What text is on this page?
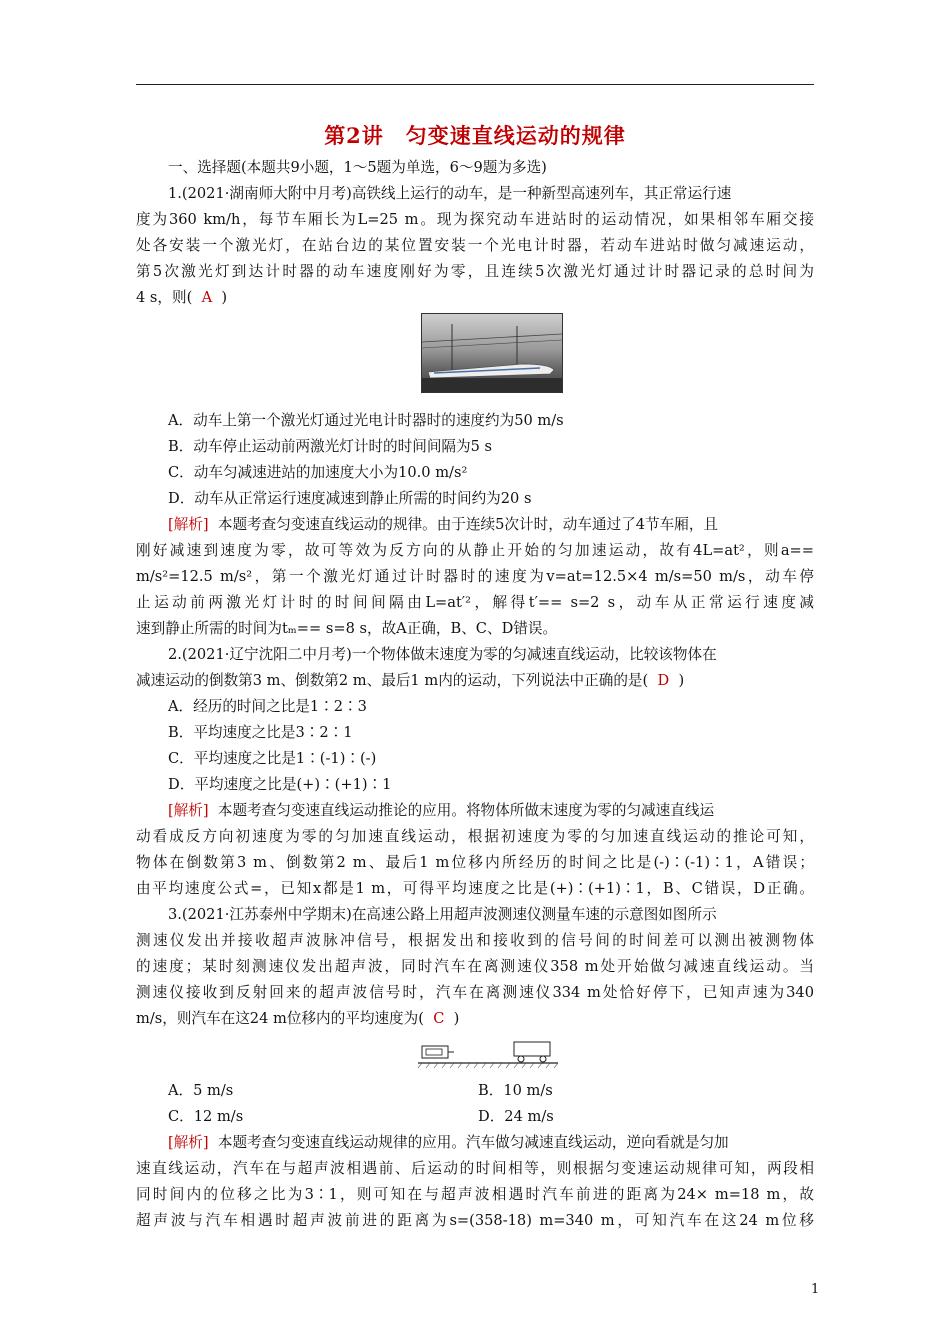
第2讲　匀变速直线运动的规律
一、选择题(本题共9小题，1～5题为单选，6～9题为多选)
1.(2021·湖南师大附中月考)高铁线上运行的动车，是一种新型高速列车，其正常运行速
度为360 km/h，每节车厢长为L=25 m。现为探究动车进站时的运动情况，如果相邻车厢交接
处各安装一个激光灯，在站台边的某位置安装一个光电计时器，若动车进站时做匀减速运动，
第5次激光灯到达计时器的动车速度刚好为零，且连续5次激光灯通过计时器记录的总时间为
4 s，则( A )
A．动车上第一个激光灯通过光电计时器时的速度约为50 m/s
B．动车停止运动前两激光灯计时的时间间隔为5 s
C．动车匀减速进站的加速度大小为10.0 m/s²
D．动车从正常运行速度减速到静止所需的时间约为20 s
[解析] 本题考查匀变速直线运动的规律。由于连续5次计时，动车通过了4节车厢，且
刚好减速到速度为零，故可等效为反方向的从静止开始的匀加速运动，故有4L=at²，则a==
m/s²=12.5 m/s²，第一个激光灯通过计时器时的速度为v=at=12.5×4 m/s=50 m/s，动车停
止运动前两激光灯计时的时间间隔由L=at′²，解得t′== s=2 s，动车从正常运行速度减
速到静止所需的时间为tₘ== s=8 s，故A正确，B、C、D错误。
2.(2021·辽宁沈阳二中月考)一个物体做末速度为零的匀减速直线运动，比较该物体在
减速运动的倒数第3 m、倒数第2 m、最后1 m内的运动，下列说法中正确的是( D )
A．经历的时间之比是1∶2∶3
B．平均速度之比是3∶2∶1
C．平均速度之比是1∶(-1)∶(-)
D．平均速度之比是(+)∶(+1)∶1
[解析] 本题考查匀变速直线运动推论的应用。将物体所做末速度为零的匀减速直线运
动看成反方向初速度为零的匀加速直线运动，根据初速度为零的匀加速直线运动的推论可知，
物体在倒数第3 m、倒数第2 m、最后1 m位移内所经历的时间之比是(-)∶(-1)∶1，A错误；
由平均速度公式=，已知x都是1 m，可得平均速度之比是(+)∶(+1)∶1，B、C错误，D正确。
3.(2021·江苏泰州中学期末)在高速公路上用超声波测速仪测量车速的示意图如图所示
测速仪发出并接收超声波脉冲信号，根据发出和接收到的信号间的时间差可以测出被测物体
的速度；某时刻测速仪发出超声波，同时汽车在离测速仪358 m处开始做匀减速直线运动。当
测速仪接收到反射回来的超声波信号时，汽车在离测速仪334 m处恰好停下，已知声速为340
m/s，则汽车在这24 m位移内的平均速度为( C )
A．5 m/s	B．10 m/s
C．12 m/s	D．24 m/s
[解析] 本题考查匀变速直线运动规律的应用。汽车做匀减速直线运动，逆向看就是匀加
速直线运动，汽车在与超声波相遇前、后运动的时间相等，则根据匀变速运动规律可知，两段相
同时间内的位移之比为3∶1，则可知在与超声波相遇时汽车前进的距离为24× m=18 m，故
超声波与汽车相遇时超声波前进的距离为s=(358-18) m=340 m，可知汽车在这24 m位移
1
